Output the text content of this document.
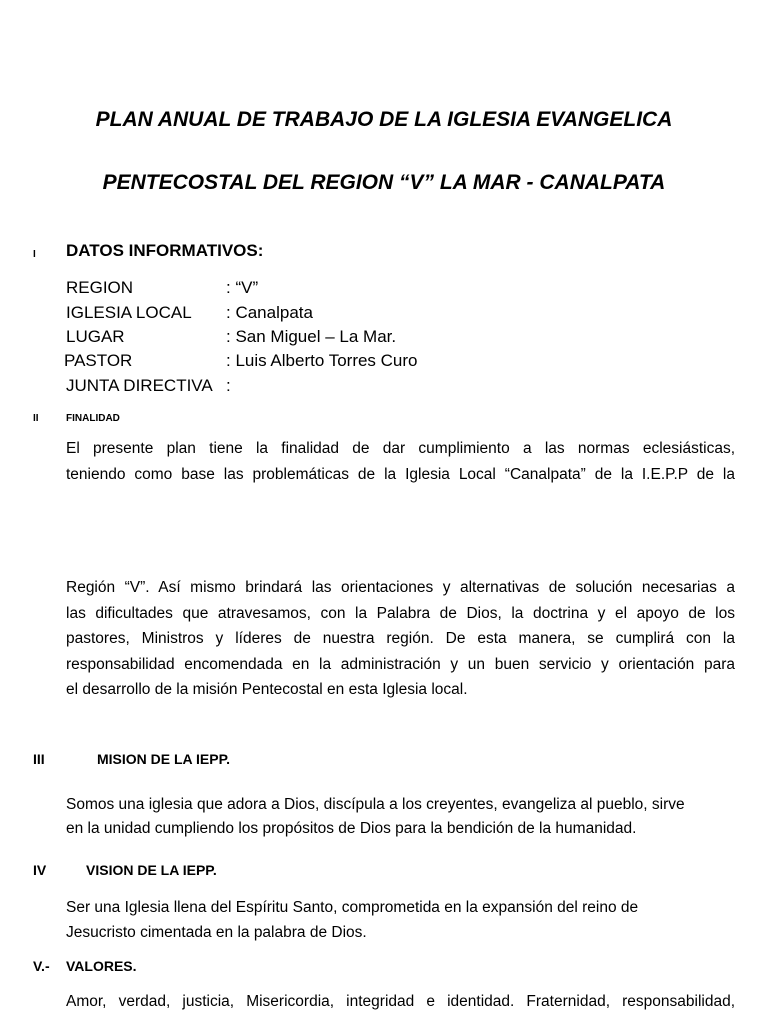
PLAN ANUAL DE TRABAJO DE LA IGLESIA EVANGELICA
PENTECOSTAL DEL REGION “V” LA MAR - CANALPATA
I DATOS INFORMATIVOS:
REGION	: “V”
IGLESIA LOCAL : Canalpata
LUGAR	: San Miguel – La Mar.
PASTOR	: Luis Alberto Torres Curo
JUNTA DIRECTIVA :
II	FINALIDAD
El presente plan tiene la finalidad de dar cumplimiento a las normas eclesiásticas,
teniendo como base las problemáticas de la Iglesia Local “Canalpata” de la I.E.P.P de la
Región “V”. Así mismo brindará las orientaciones y alternativas de solución necesarias a
las dificultades que atravesamos, con la Palabra de Dios, la doctrina y el apoyo de los
pastores, Ministros y líderes de nuestra región. De esta manera, se cumplirá con la
responsabilidad encomendada en la administración y un buen servicio y orientación para
el desarrollo de la misión Pentecostal en esta Iglesia local.
III	MISION DE LA IEPP.
Somos una iglesia que adora a Dios, discípula a los creyentes, evangeliza al pueblo, sirve
en la unidad cumpliendo los propósitos de Dios para la bendición de la humanidad.
IV	VISION DE LA IEPP.
Ser una Iglesia llena del Espíritu Santo, comprometida en la expansión del reino de
Jesucristo cimentada en la palabra de Dios.
V.- VALORES.
Amor, verdad, justicia, Misericordia, integridad e identidad. Fraternidad, responsabilidad,
